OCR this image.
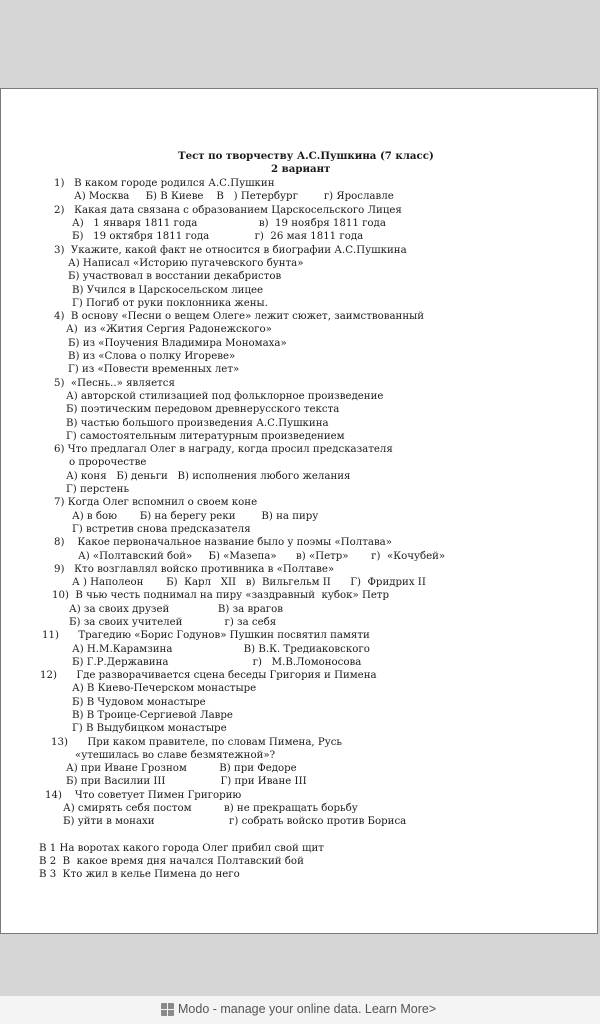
Тест по творчеству А.С.Пушкина (7 класс)
2 вариант
1)   В каком городе родился А.С.Пушкин
А) Москва     Б) В Киеве    В   ) Петербург        г) Ярославле
2)   Какая дата связана с образованием Царскосельского Лицея
А)   1 января 1811 года                   в)  19 ноября 1811 года
Б)   19 октября 1811 года              г)  26 мая 1811 года
3)  Укажите, какой факт не относится в биографии А.С.Пушкина
А) Написал «Историю пугачевского бунта»
Б) участвовал в восстании декабристов
В) Учился в Царскосельском лицее
Г) Погиб от руки поклонника жены.
4)  В основу «Песни о вещем Олеге» лежит сюжет, заимствованный
А)  из «Жития Сергия Радонежского»
Б) из «Поучения Владимира Мономаха»
В) из «Слова о полку Игореве»
Г) из «Повести временных лет»
5)  «Песнь..» является
А) авторской стилизацией под фольклорное произведение
Б) поэтическим передовом древнерусского текста
В) частью большого произведения А.С.Пушкина
Г) самостоятельным литературным произведением
6) Что предлагал Олег в награду, когда просил предсказателя
о пророчестве
А) коня   Б) деньги   В) исполнения любого желания
Г) перстень
7) Когда Олег вспомнил о своем коне
А) в бою       Б) на берегу реки        В) на пиру
Г) встретив снова предсказателя
8)    Какое первоначальное название было у поэмы «Полтава»
А) «Полтавский бой»     Б) «Мазепа»      в) «Петр»       г)  «Кочубей»
9)   Кто возглавлял войско противника в «Полтаве»
А ) Наполеон       Б)  Карл   XII   в)  Вильгельм II      Г)  Фридрих II
10)  В чью честь поднимал на пиру «заздравный  кубок» Петр
А) за своих друзей               В) за врагов
Б) за своих учителей             г) за себя
11)      Трагедию «Борис Годунов» Пушкин посвятил памяти
А) Н.М.Карамзина                      В) В.К. Тредиаковского
Б) Г.Р.Державина                          г)   М.В.Ломоносова
12)      Где разворачивается сцена беседы Григория и Пимена
А) В Киево-Печерском монастыре
Б) В Чудовом монастыре
В) В Троице-Сергиевой Лавре
Г) В Выдубицком монастыре
13)      При каком правителе, по словам Пимена, Русь
«утешилась во славе безмятежной»?
А) при Иване Грозном          В) при Федоре
Б) при Василии III                 Г) при Иване III
14)    Что советует Пимен Григорию
А) смирять себя постом          в) не прекращать борьбу
Б) уйти в монахи                       г) собрать войско против Бориса
В 1 На воротах какого города Олег прибил свой щит
В 2  В  какое время дня начался Полтавский бой
В 3  Кто жил в келье Пимена до него
Modo - manage your online data. Learn More>
